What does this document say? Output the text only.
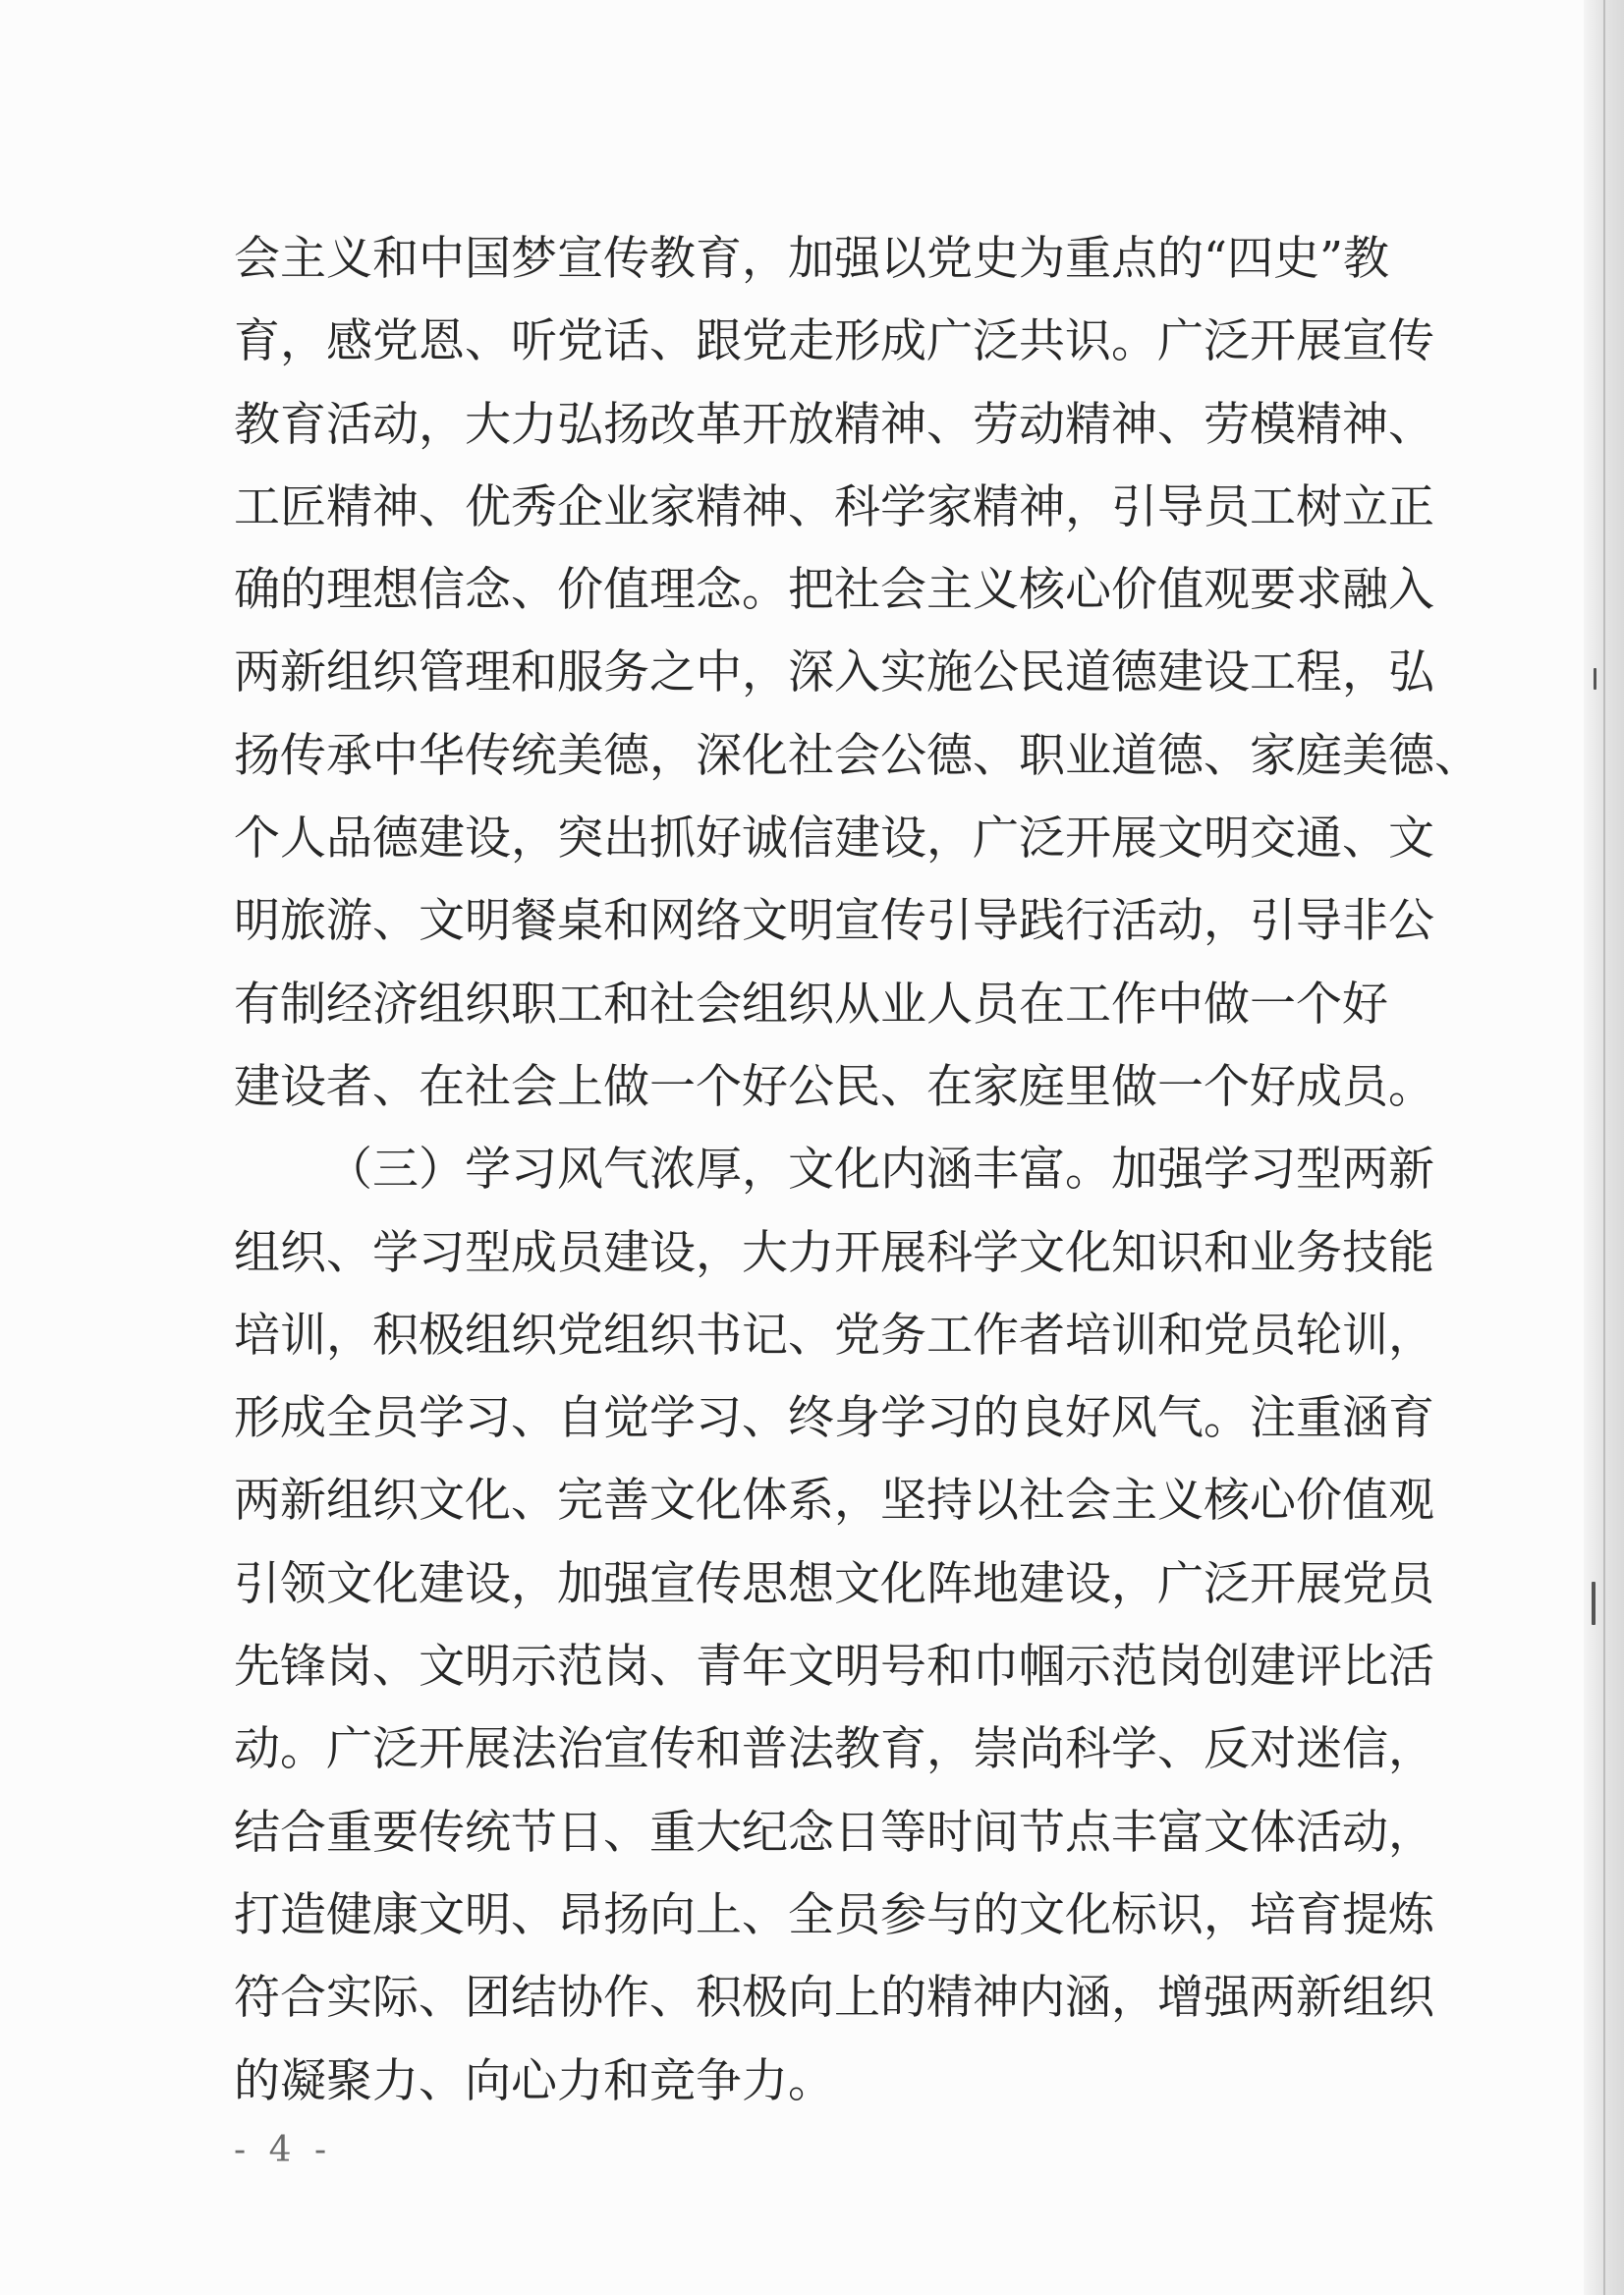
会主义和中国梦宣传教育，加强以党史为重点的“四史”教
育，感党恩、听党话、跟党走形成广泛共识。广泛开展宣传
教育活动，大力弘扬改革开放精神、劳动精神、劳模精神、
工匠精神、优秀企业家精神、科学家精神，引导员工树立正
确的理想信念、价值理念。把社会主义核心价值观要求融入
两新组织管理和服务之中，深入实施公民道德建设工程，弘
扬传承中华传统美德，深化社会公德、职业道德、家庭美德、
个人品德建设，突出抓好诚信建设，广泛开展文明交通、文
明旅游、文明餐桌和网络文明宣传引导践行活动，引导非公
有制经济组织职工和社会组织从业人员在工作中做一个好
建设者、在社会上做一个好公民、在家庭里做一个好成员。
（三）学习风气浓厚，文化内涵丰富。加强学习型两新
组织、学习型成员建设，大力开展科学文化知识和业务技能
培训，积极组织党组织书记、党务工作者培训和党员轮训，
形成全员学习、自觉学习、终身学习的良好风气。注重涵育
两新组织文化、完善文化体系，坚持以社会主义核心价值观
引领文化建设，加强宣传思想文化阵地建设，广泛开展党员
先锋岗、文明示范岗、青年文明号和巾帼示范岗创建评比活
动。广泛开展法治宣传和普法教育，崇尚科学、反对迷信，
结合重要传统节日、重大纪念日等时间节点丰富文体活动，
打造健康文明、昂扬向上、全员参与的文化标识，培育提炼
符合实际、团结协作、积极向上的精神内涵，增强两新组织
的凝聚力、向心力和竞争力。
- 4 -
